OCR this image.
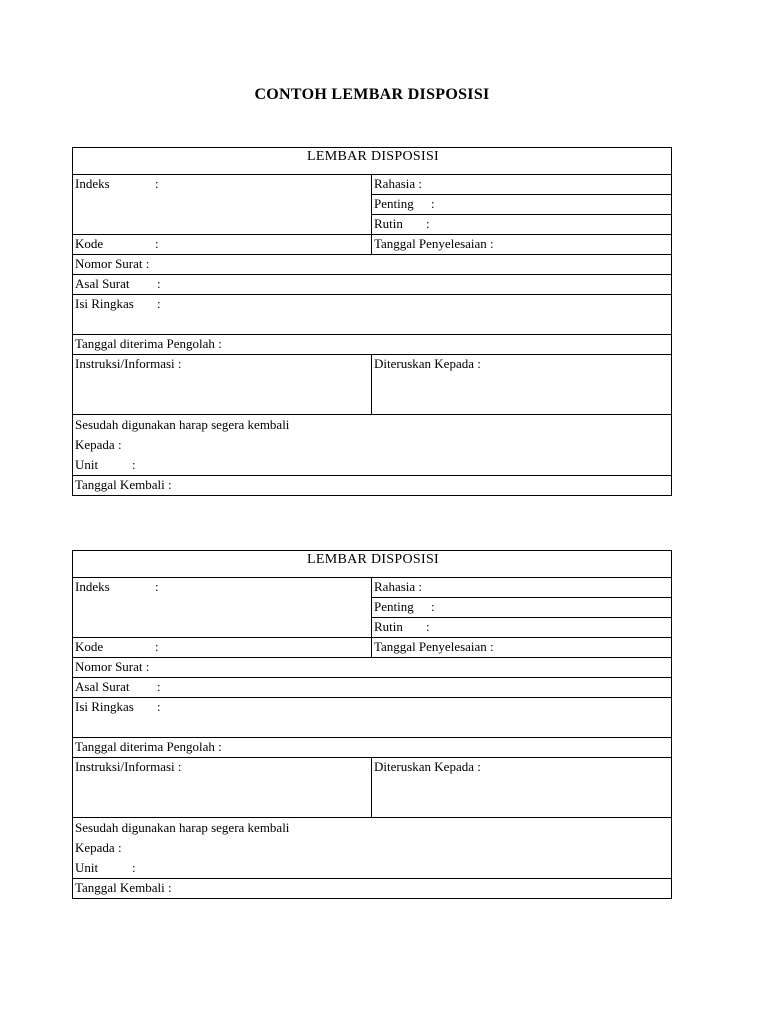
CONTOH LEMBAR DISPOSISI
LEMBAR DISPOSISI	
Indeks :	Rahasia :
	Penting :
	Rutin :
Kode :	Tanggal Penyelesaian :
Nomor Surat :	
Asal Surat :	
Isi Ringkas :	
Tanggal diterima Pengolah :	
Instruksi/Informasi :	Diteruskan Kepada :

Sesudah digunakan harap segera kembali
Kepada :
Unit :	

Tanggal Kembali :	
LEMBAR DISPOSISI	
Indeks :	Rahasia :
	Penting :
	Rutin :
Kode :	Tanggal Penyelesaian :
Nomor Surat :	
Asal Surat :	
Isi Ringkas :	
Tanggal diterima Pengolah :	
Instruksi/Informasi :	Diteruskan Kepada :

Sesudah digunakan harap segera kembali
Kepada :
Unit :	

Tanggal Kembali :	
